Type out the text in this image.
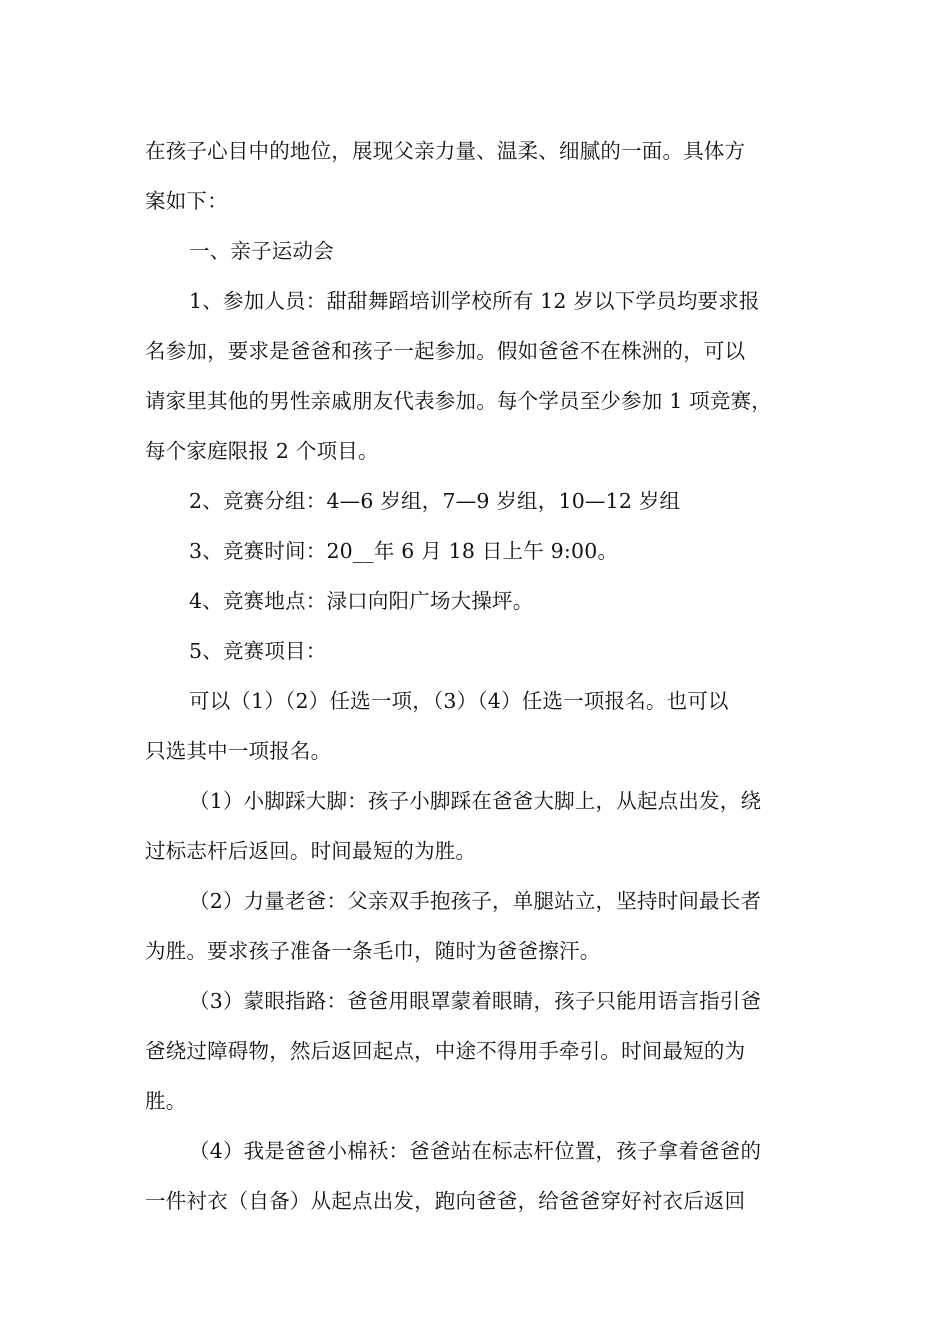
在孩子心目中的地位，展现父亲力量、温柔、细腻的一面。具体方
案如下：
一、亲子运动会
1、参加人员：甜甜舞蹈培训学校所有 12 岁以下学员均要求报
名参加，要求是爸爸和孩子一起参加。假如爸爸不在株洲的，可以
请家里其他的男性亲戚朋友代表参加。每个学员至少参加 1 项竞赛，
每个家庭限报 2 个项目。
2、竞赛分组：4—6 岁组，7—9 岁组，10—12 岁组
3、竞赛时间：20__年 6 月 18 日上午 9:00。
4、竞赛地点：渌口向阳广场大操坪。
5、竞赛项目：
可以（1）（2）任选一项，（3）（4）任选一项报名。也可以
只选其中一项报名。
（1）小脚踩大脚：孩子小脚踩在爸爸大脚上，从起点出发，绕
过标志杆后返回。时间最短的为胜。
（2）力量老爸：父亲双手抱孩子，单腿站立，坚持时间最长者
为胜。要求孩子准备一条毛巾，随时为爸爸擦汗。
（3）蒙眼指路：爸爸用眼罩蒙着眼睛，孩子只能用语言指引爸
爸绕过障碍物，然后返回起点，中途不得用手牵引。时间最短的为
胜。
（4）我是爸爸小棉袄：爸爸站在标志杆位置，孩子拿着爸爸的
一件衬衣（自备）从起点出发，跑向爸爸，给爸爸穿好衬衣后返回
